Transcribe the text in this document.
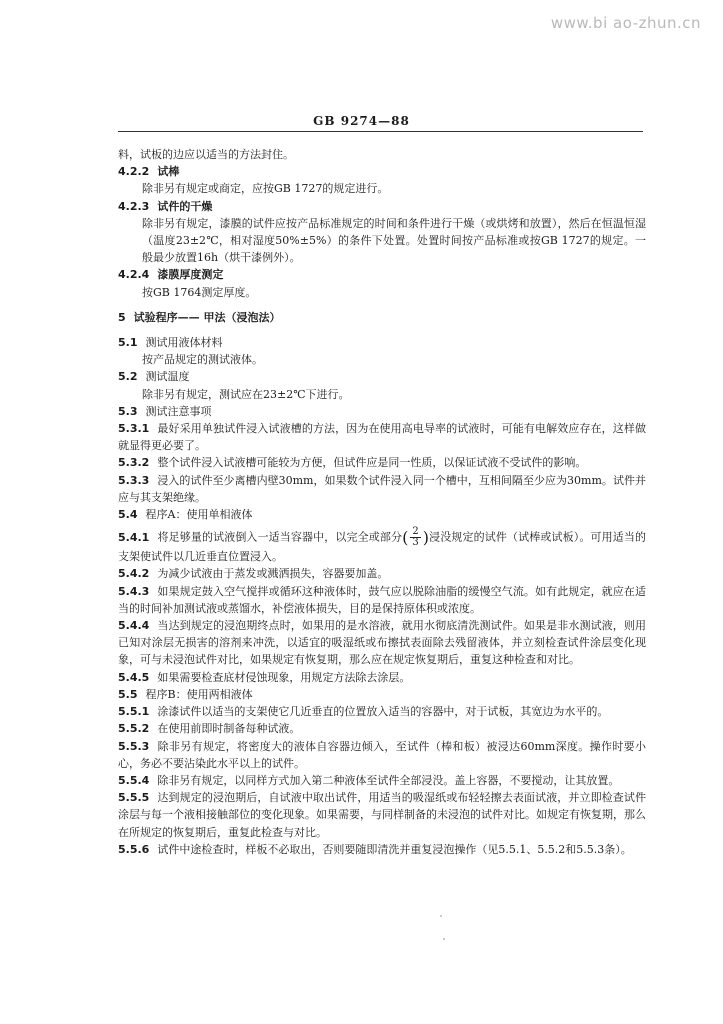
www.bi ao-zhun.cn
GB 9274—88

料，试板的边应以适当的方法封住。

4.2.2 试棒

除非另有规定或商定，应按GB 1727的规定进行。

4.2.3 试件的干燥

除非另有规定，漆膜的试件应按产品标准规定的时间和条件进行干燥（或烘烤和放置），然后在恒温恒湿（温度23±2℃，相对湿度50%±5%）的条件下处置。处置时间按产品标准或按GB 1727的规定。一般最少放置16h（烘干漆例外）。

4.2.4 漆膜厚度测定

按GB 1764测定厚度。

5 试验程序—— 甲法（浸泡法）

5.1 测试用液体材料

按产品规定的测试液体。

5.2 测试温度

除非另有规定，测试应在23±2℃下进行。

5.3 测试注意事项

5.3.1 最好采用单独试件浸入试液槽的方法，因为在使用高电导率的试液时，可能有电解效应存在，这样做就显得更必要了。

5.3.2 整个试件浸入试液槽可能较为方便，但试件应是同一性质，以保证试液不受试件的影响。

5.3.3 浸入的试件至少离槽内壁30mm，如果数个试件浸入同一个槽中，互相间隔至少应为30mm。试件并应与其支架绝缘。

5.4 程序A：使用单相液体

5.4.1 将足够量的试液倒入一适当容器中，以完全或部分( $\frac{2}{3}$ )浸没规定的试件（试棒或试板）。可用适当的支架使试件以几近垂直位置浸入。

5.4.2 为减少试液由于蒸发或溅洒损失，容器要加盖。

5.4.3 如果规定鼓入空气搅拌或循环这种液体时，鼓气应以脱除油脂的缓慢空气流。如有此规定，就应在适当的时间补加测试液或蒸馏水，补偿液体损失，目的是保持原体积或浓度。

5.4.4 当达到规定的浸泡期终点时，如果用的是水溶液，就用水彻底清洗测试件。如果是非水测试液，则用已知对涂层无损害的溶剂来冲洗，以适宜的吸湿纸或布擦拭表面除去残留液体，并立刻检查试件涂层变化现象，可与未浸泡试件对比，如果规定有恢复期，那么应在规定恢复期后，重复这种检查和对比。

5.4.5 如果需要检查底材侵蚀现象，用规定方法除去涂层。

5.5 程序B：使用两相液体

5.5.1 涂漆试件以适当的支架使它几近垂直的位置放入适当的容器中，对于试板，其宽边为水平的。

5.5.2 在使用前即时制备每种试液。

5.5.3 除非另有规定，将密度大的液体自容器边倾入，至试件（棒和板）被浸达60mm深度。操作时要小心，务必不要沾染此水平以上的试件。

5.5.4 除非另有规定，以同样方式加入第二种液体至试件全部浸没。盖上容器，不要搅动，让其放置。

5.5.5 达到规定的浸泡期后，自试液中取出试件，用适当的吸湿纸或布轻轻擦去表面试液，并立即检查试件涂层与每一个液相接触部位的变化现象。如果需要，与同样制备的未浸泡的试件对比。如规定有恢复期，那么在所规定的恢复期后，重复此检查与对比。

5.5.6 试件中途检查时，样板不必取出，否则要随即清洗并重复浸泡操作（见5.5.1、5.5.2和5.5.3条）。
